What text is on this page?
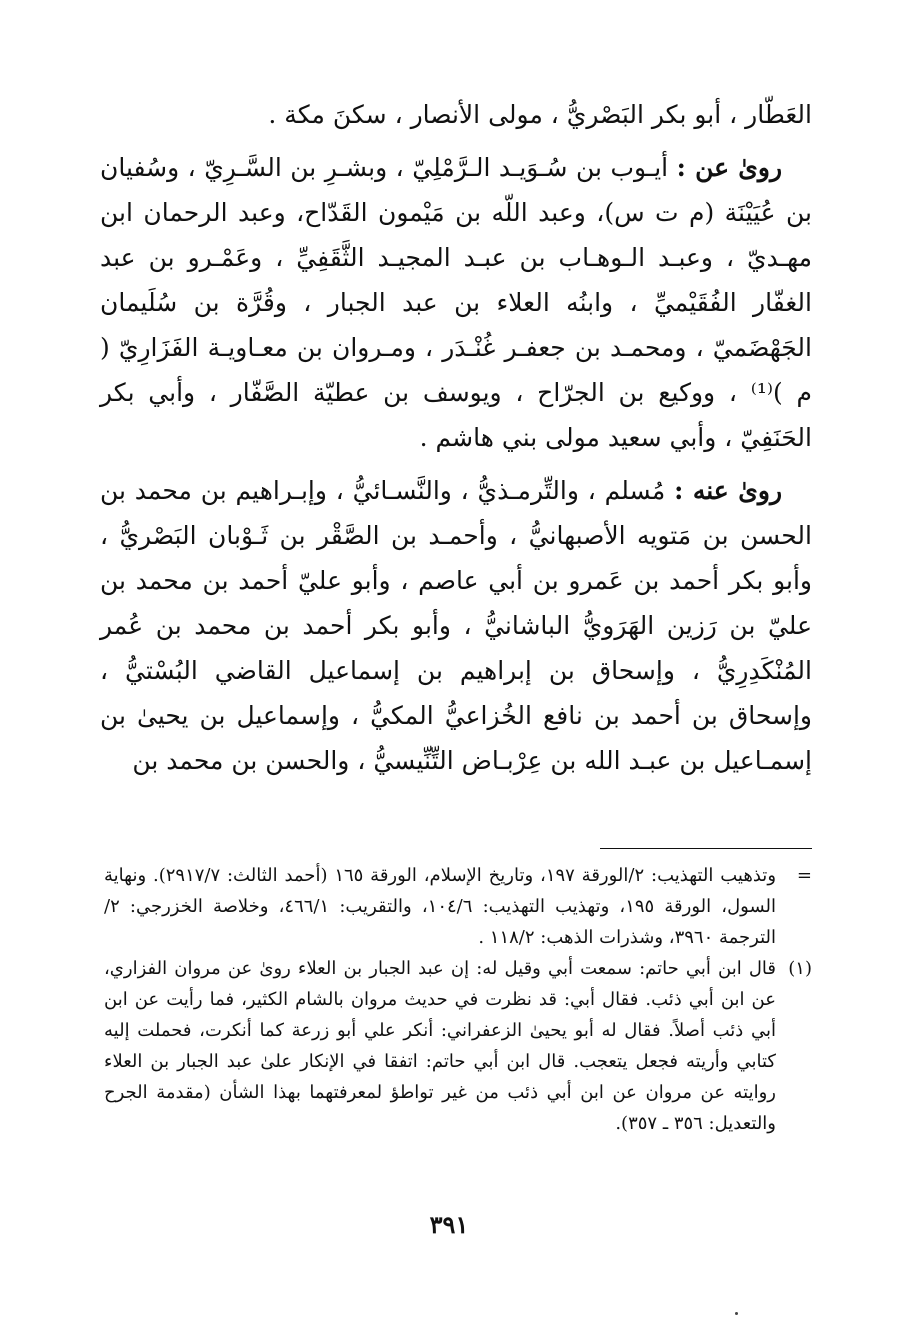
العَطّار ، أبو بكر البَصْريُّ ، مولى الأنصار ، سكنَ مكة .

روىٰ عن : أيـوب بن سُـوَيـد الـرَّمْلِيّ ، وبشـرِ بن السَّـرِيّ ، وسُفيان بن عُيَيْنَة (م ت س)، وعبد اللّه بن مَيْمون القَدّاح، وعبد الرحمان ابن مهـديّ ، وعبـد الـوهـاب بن عبـد المجيـد الثَّقَفِيِّ ، وعَمْـرو بن عبد الغفّار الفُقَيْميِّ ، وابنُه العلاء بن عبد الجبار ، وقُرَّة بن سُلَيمان الجَهْضَميّ ، ومحمـد بن جعفـر غُنْـدَر ، ومـروان بن معـاويـة الفَزَارِيّ ( م )⁽¹⁾ ، ووكيع بن الجرّاح ، ويوسف بن عطيّة الصَّفّار ، وأبي بكر الحَنَفِيّ ، وأبي سعيد مولى بني هاشم .

روىٰ عنه : مُسلم ، والتِّرمـذيُّ ، والنَّسـائيُّ ، وإبـراهيم بن محمد بن الحسن بن مَتويه الأصبهانيُّ ، وأحمـد بن الصَّقْر بن ثَـوْبان البَصْريُّ ، وأبو بكر أحمد بن عَمرو بن أبي عاصم ، وأبو عليّ أحمد بن محمد بن عليّ بن رَزين الهَرَويُّ الباشانيُّ ، وأبو بكر أحمد بن محمد بن عُمر المُنْكَدِرِيُّ ، وإسحاق بن إبراهيم بن إسماعيل القاضي البُسْتيُّ ، وإسحاق بن أحمد بن نافع الخُزاعيُّ المكيُّ ، وإسماعيل بن يحيىٰ بن إسمـاعيل بن عبـد الله بن عِرْبـاض التِّنِّيسيُّ ، والحسن بن محمد بن

=
وتذهيب التهذيب: ٢/الورقة ١٩٧، وتاريخ الإسلام، الورقة ١٦٥ (أحمد الثالث: ٢٩١٧/٧). ونهاية السول، الورقة ١٩٥، وتهذيب التهذيب: ١٠٤/٦، والتقريب: ٤٦٦/١، وخلاصة الخزرجي: ٢/ الترجمة ٣٩٦٠، وشذرات الذهب: ١١٨/٢ .

(١)
قال ابن أبي حاتم: سمعت أبي وقيل له: إن عبد الجبار بن العلاء روىٰ عن مروان الفزاري، عن ابن أبي ذئب. فقال أبي: قد نظرت في حديث مروان بالشام الكثير، فما رأيت عن ابن أبي ذئب أصلاً. فقال له أبو يحيىٰ الزعفراني: أنكر علي أبو زرعة كما أنكرت، فحملت إليه كتابي وأريته فجعل يتعجب. قال ابن أبي حاتم: اتفقا في الإنكار علىٰ عبد الجبار بن العلاء روايته عن مروان عن ابن أبي ذئب من غير تواطؤ لمعرفتهما بهذا الشأن (مقدمة الجرح والتعديل: ٣٥٦ ـ ٣٥٧).

٣٩١
